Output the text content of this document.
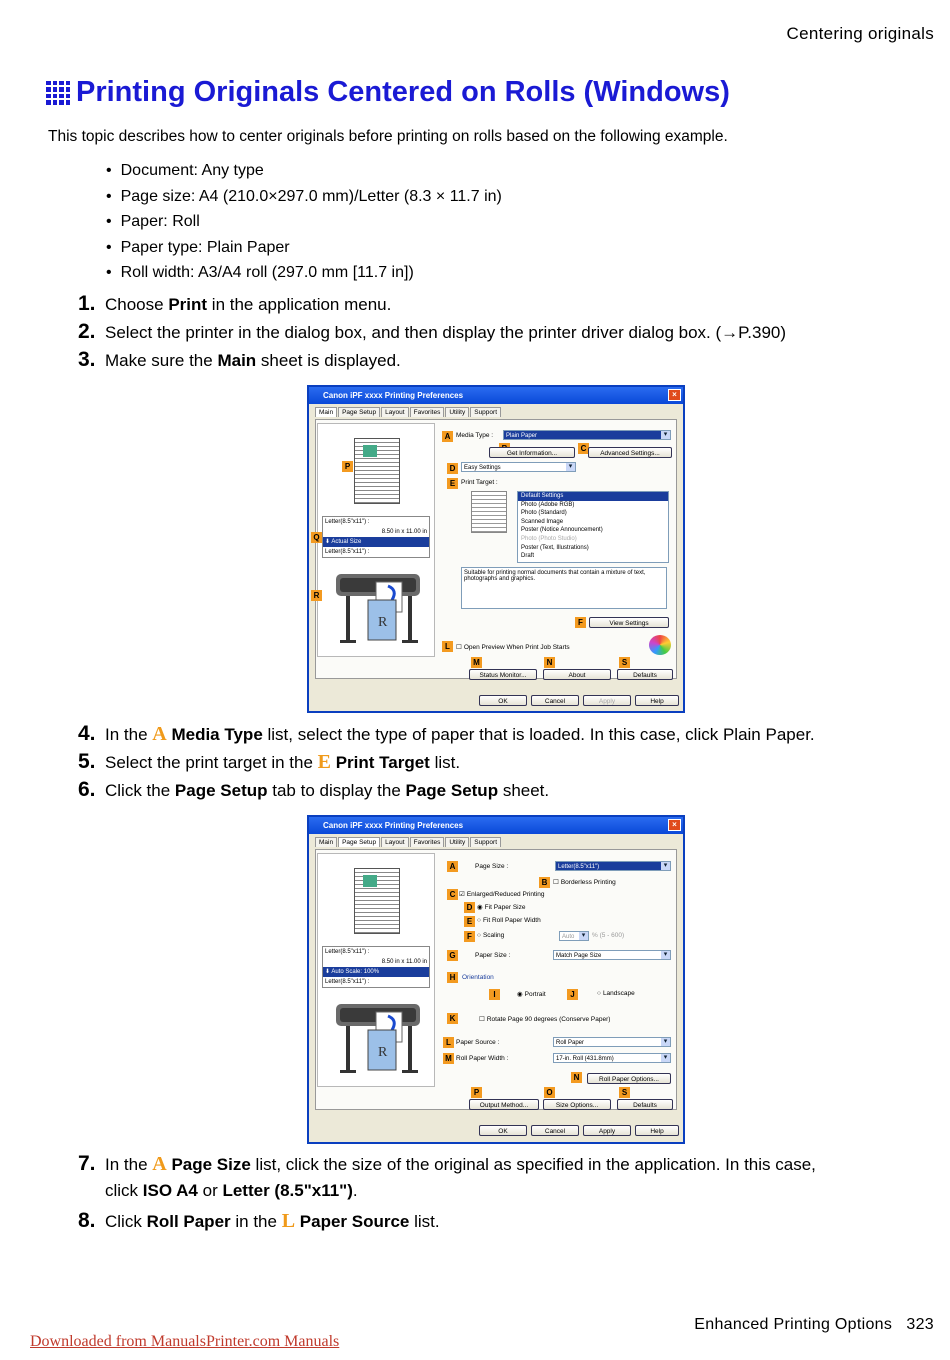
Centering originals
Printing Originals Centered on Rolls (Windows)
This topic describes how to center originals before printing on rolls based on the following example.
• Document: Any type
• Page size: A4 (210.0×297.0 mm)/Letter (8.3 × 11.7 in)
• Paper: Roll
• Paper type: Plain Paper
• Roll width: A3/A4 roll (297.0 mm [11.7 in])
1. Choose Print in the application menu.
2. Select the printer in the dialog box, and then display the printer driver dialog box. (→P.390)
3. Make sure the Main sheet is displayed.
Canon iPF xxxx Printing Preferences	×
Main	Page Setup	Layout	Favorites	Utility	Support
Letter(8.5"x11") :
8.50 in x 11.00 in
⬇ Actual Size
Letter(8.5"x11") :
R
P
Q
R
A Media Type :	Plain Paper ▾
Get Information...
C
Advanced Settings...
D	Easy Settings ▾
E Print Target :
Default Settings
Photo (Adobe RGB)
Photo (Standard)
Scanned Image
Poster (Notice Announcement)
Photo (Photo Studio)
Poster (Text, Illustrations)
Draft
Suitable for printing normal documents that contain a mixture of text, photographs and graphics.
F	View Settings
L	☐ Open Preview When Print Job Starts
M	N	S
Status Monitor...	About	Defaults
OK	Cancel	Apply	Help
4. In the A Media Type list, select the type of paper that is loaded. In this case, click Plain Paper.
5. Select the print target in the E Print Target list.
6. Click the Page Setup tab to display the Page Setup sheet.
Canon iPF xxxx Printing Preferences	×
Main	Page Setup	Layout	Favorites	Utility	Support
Letter(8.5"x11") :
8.50 in x 11.00 in
⬇ Auto Scale: 100%
Letter(8.5"x11") :
R
A	Page Size :	Letter(8.5"x11") ▾
B	☐ Borderless Printing
C	☑ Enlarged/Reduced Printing
D	◉ Fit Paper Size
E	○ Fit Roll Paper Width
F	○ Scaling	Auto ▾	% (5 - 600)
G	Paper Size :	Match Page Size ▾
H	Orientation
I	◉ Portrait	J	○ Landscape
K	☐ Rotate Page 90 degrees (Conserve Paper)
L Paper Source :	Roll Paper ▾
M Roll Paper Width :	17-in. Roll (431.8mm) ▾
N	Roll Paper Options...
P	O	S
Output Method...	Size Options...	Defaults
OK	Cancel	Apply	Help
7. In the A Page Size list, click the size of the original as specified in the application. In this case,
click ISO A4 or Letter (8.5"x11").
8. Click Roll Paper in the L Paper Source list.
Enhanced Printing Options 323
Downloaded from ManualsPrinter.com Manuals
